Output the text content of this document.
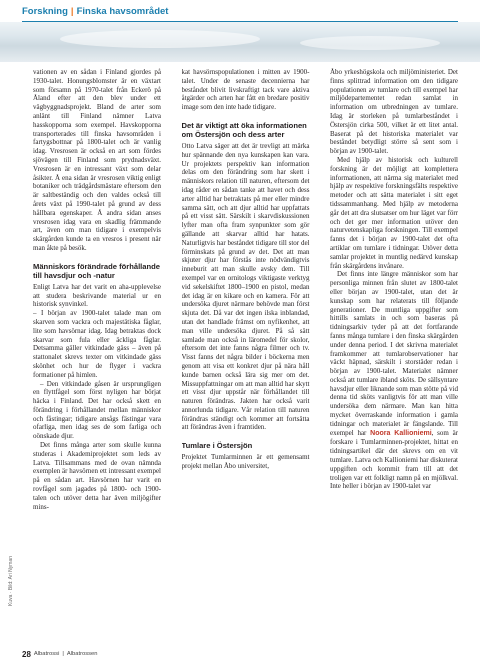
Forskning | Finska havsområdet

vationen av en sådan i Finland gjordes på 1930-talet. Honungsblomster är en växtart som församn på 1970-talet från Eckerö på Åland efter att den blev under ett vägbyggnadsprojekt. Bland de arter som anlänt till Finland nämner Latva hasskopporna som exempel. Havskopporna transporterades till finska havsområden i fartygsbottnar på 1800-talet och är vanlig idag. Vresrosen är också en art som fördes sjövägen till Finland som prydnadsväxt. Vresrosen är en intressant växt som delar åsikter. Å ena sidan är vresrosen viktig enligt botaniker och trädgårdsmästare eftersom den är saltbeständig och den valdes också till årets växt på 1990-talet på grund av dess hållbara egenskaper. Å andra sidan anses vresrosen idag vara en skadlig främmande art, även om man tidigare i exempelvis skärgården kunde ta en vresros i present när man åkte på besök.

Människors förändrade förhållande till havsdjur och -natur

Enligt Latva har det varit en aha-upplevelse att studera beskrivande material ur en historisk synvinkel.

– I början av 1900-talet talade man om skarven som vackra och majestätiska fåglar, lite som havsörnar idag. Idag betraktas dock skarvar som fula eller äckliga fåglar. Detsamma gäller vitkindade gäss – även på stattonalet skrevs texter om vitkindade gäss skönhet och hur de flyger i vackra formationer på himlen.

– Den vitkindade gåsen är ursprungligen en flyttfågel som först nyligen har börjat häcka i Finland. Det har också skett en förändring i förhållandet mellan människor och fåstingar; tidigare ansågs fästingar vara ofarliga, men idag ses de som farliga och oönskade djur.

Det finns många arter som skulle kunna studeras i Akademiprojektet som leds av Latva. Tillsammans med de ovan nämnda exemplen är havsörnen ett intressant exempel på en sådan art. Havsörnen har varit en rovfågel som jagades på 1800- och 1900-talen och utöver detta har även miljögifter mins-

kat havsörnspopulationen i mitten av 1900-talet. Under de senaste decennierna har beståndet blivit livskraftigt tack vare aktiva åtgärder och arten har fått en bredare positiv image som den inte hade tidigare.

Det är viktigt att öka informationen om Östersjön och dess arter

Otto Latva säger att det är trevligt att märka hur spännande den nya kunskapen kan vara. Ur projektets perspektiv kan information delas om den förändring som har skett i människors relation till naturen, eftersom det idag råder en sådan tanke att havet och dess arter alltid har betraktats på mer eller mindre samma sätt, och att djur alltid har uppfattats på ett visst sätt. Särskilt i skarvdiskussionen lyfter man ofta fram synpunkter som gör gällande att skarvar alltid har hatats. Naturligtvis har beståndet tidigare till stor del förminskats på grund av det. Det att man skjuter djur har förstås inte nödvändigtvis inneburit att man skulle avsky dem. Till exempel var en ornitologs viktigaste verktyg vid sekelskiftet 1800–1900 en pistol, medan det idag är en kikare och en kamera. För att undersöka djuret närmare behövde man först skjuta det. Då var det ingen ilska inblandad, utan det handlade främst om nyfikenhet, att man ville undersöka djuret. På så sätt samlade man också in läromedel för skolor, eftersom det inte fanns några filmer och tv. Visst fanns det några bilder i böckerna men genom att visa ett konkret djur på nära håll kunde barnen också lära sig mer om det. Missuppfattningar om att man alltid har skytt ett visst djur uppstår när förhållandet till naturen förändras. Jakten har också varit annorlunda tidigare. Vår relation till naturen förändras ständigt och kommer att fortsätta att förändras även i framtiden.

Tumlare i Östersjön

Projektet Tumlarminnen är ett gemensamt projekt mellan Åbo universitet,

Åbo yrkeshögskola och miljöministeriet. Det finns splittrad information om den tidigare populationen av tumlare och till exempel har miljödepartementet redan samlat in information om utbredningen av tumlare. Idag är storleken på tumlarbeståndet i Östersjön cirka 500, vilket är ett litet antal. Baserat på det historiska materialet var beståndet betydligt större så sent som i början av 1900-talet.

Med hjälp av historisk och kulturell forskning är det möjligt att komplettera informationen, att närma sig materialet med hjälp av respektive forskningsfälts respektive metoder och att sätta materialet i sitt eget tidssammanhang. Med hjälp av metoderna går det att dra slutsatser om hur läget var förr och det ger mer information utöver den naturvetenskapliga forskningen. Till exempel fanns det i början av 1900-talet det ofta artiklar om tumlare i tidningar. Utöver detta samlar projektet in muntlig nedärvd kunskap från skärgårdens invånare.

Det finns inte längre människor som har personliga minnen från slutet av 1800-talet eller början av 1900-talet, utan det är kunskap som har relaterats till följande generationer. De muntliga uppgifter som hittills samlats in och som baseras på tidningsarkiv tyder på att det fortfarande fanns många tumlare i den finska skärgården under denna period. I det skrivna materialet framkommer att tumlarobservationer har väckt häpnad, särskilt i storstäder redan i början av 1900-talet. Materialet nämner också att tumlare ibland sköts. De sällsyntare havsdjur eller liknande som man stötte på vid denna tid sköts vanligtvis för att man ville undersöka dem närmare. Man kan hitta mycket överraskande information i gamla tidningar och materialet är fängslande. Till exempel har Noora Kallioniemi, som är forskare i Tumlarminnen-projektet, hittat en tidningsartikel där det skrevs om en vit tumlare. Latva och Kallioniemi har diskuterat uppgiften och kommit fram till att det troligen var ett folkligt namn på en mjölkval. Inte heller i början av 1900-talet var

Kuva · Bild: Ari Nyman
28 Albatrossi | Albatrossen
